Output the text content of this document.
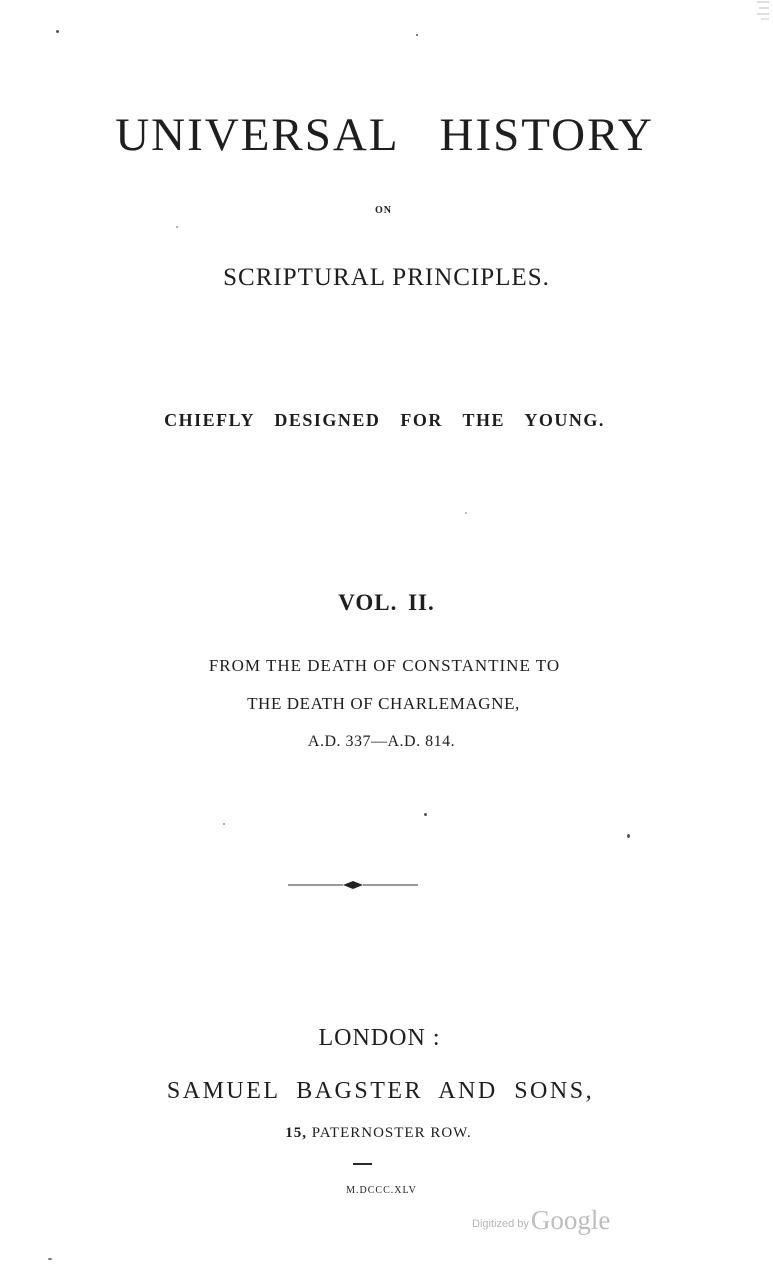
UNIVERSAL HISTORY
ON
SCRIPTURAL PRINCIPLES.
CHIEFLY DESIGNED FOR THE YOUNG.
VOL. II.
FROM THE DEATH OF CONSTANTINE TO
THE DEATH OF CHARLEMAGNE,
A.D. 337—A.D. 814.
LONDON :
SAMUEL BAGSTER AND SONS,
15, PATERNOSTER ROW.
M.DCCC.XLV
Digitized byGoogle
